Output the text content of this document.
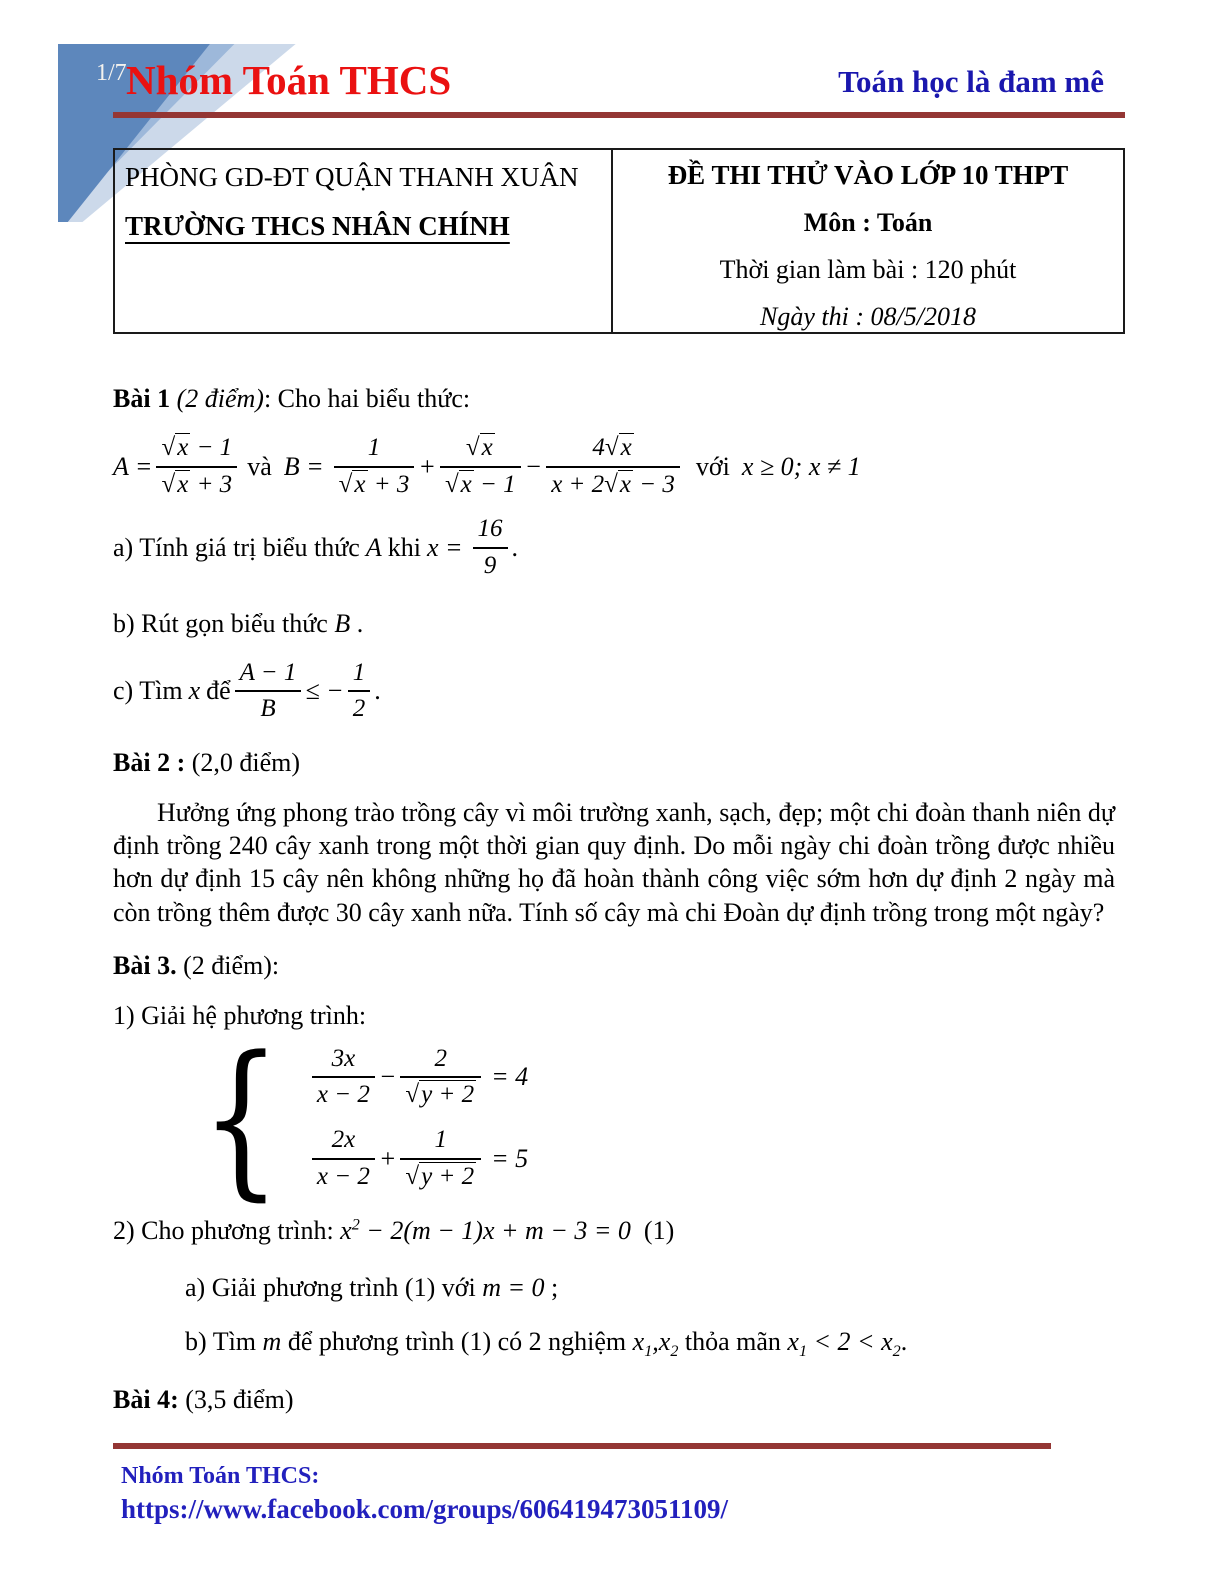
1/7 Nhóm Toán THCS	Toán học là đam mê

PHÒNG GD-ĐT QUẬN THANH XUÂN

TRƯỜNG THCS NHÂN CHÍNH

ĐỀ THI THỬ VÀO LỚP 10 THPT

Môn : Toán

Thời gian làm bài : 120 phút

Ngày thi : 08/5/2018

Bài 1 (2 điểm): Cho hai biểu thức:

$A = \frac{√x - 1}{√x + 3}$ và $B = \frac{1}{√x + 3} + \frac{√x}{√x - 1} - \frac{4√x}{x + 2√x - 3}$ với x ≥ 0; x ≠ 1
a) Tính giá trị biểu thức A khi $x = \frac{16}{9}$ .

b) Rút gọn biểu thức B .

c) Tìm x để $\frac{A - 1}{B}$ ≤ − $\frac{1}{2}$ .

Bài 2 : (2,0 điểm)

Hưởng ứng phong trào trồng cây vì môi trường xanh, sạch, đẹp; một chi đoàn thanh niên dự định trồng 240 cây xanh trong một thời gian quy định. Do mỗi ngày chi đoàn trồng được nhiều hơn dự định 15 cây nên không những họ đã hoàn thành công việc sớm hơn dự định 2 ngày mà còn trồng thêm được 30 cây xanh nữa. Tính số cây mà chi Đoàn dự định trồng trong một ngày?

Bài 3. (2 điểm):

1) Giải hệ phương trình:

{ $\frac{3x}{x - 2} - \frac{2}{√y + 2} = 4$
$\frac{2x}{x - 2} + \frac{1}{√y + 2} = 5$

2) Cho phương trình: $x^2 - 2(m - 1)x + m - 3 = 0$ (1)

a) Giải phương trình (1) với m = 0 ;

b) Tìm m để phương trình (1) có 2 nghiệm $x_1,x_2$ thỏa mãn $x_1 < 2 < x_2$.

Bài 4: (3,5 điểm)

Nhóm Toán THCS:
https://www.facebook.com/groups/606419473051109/
